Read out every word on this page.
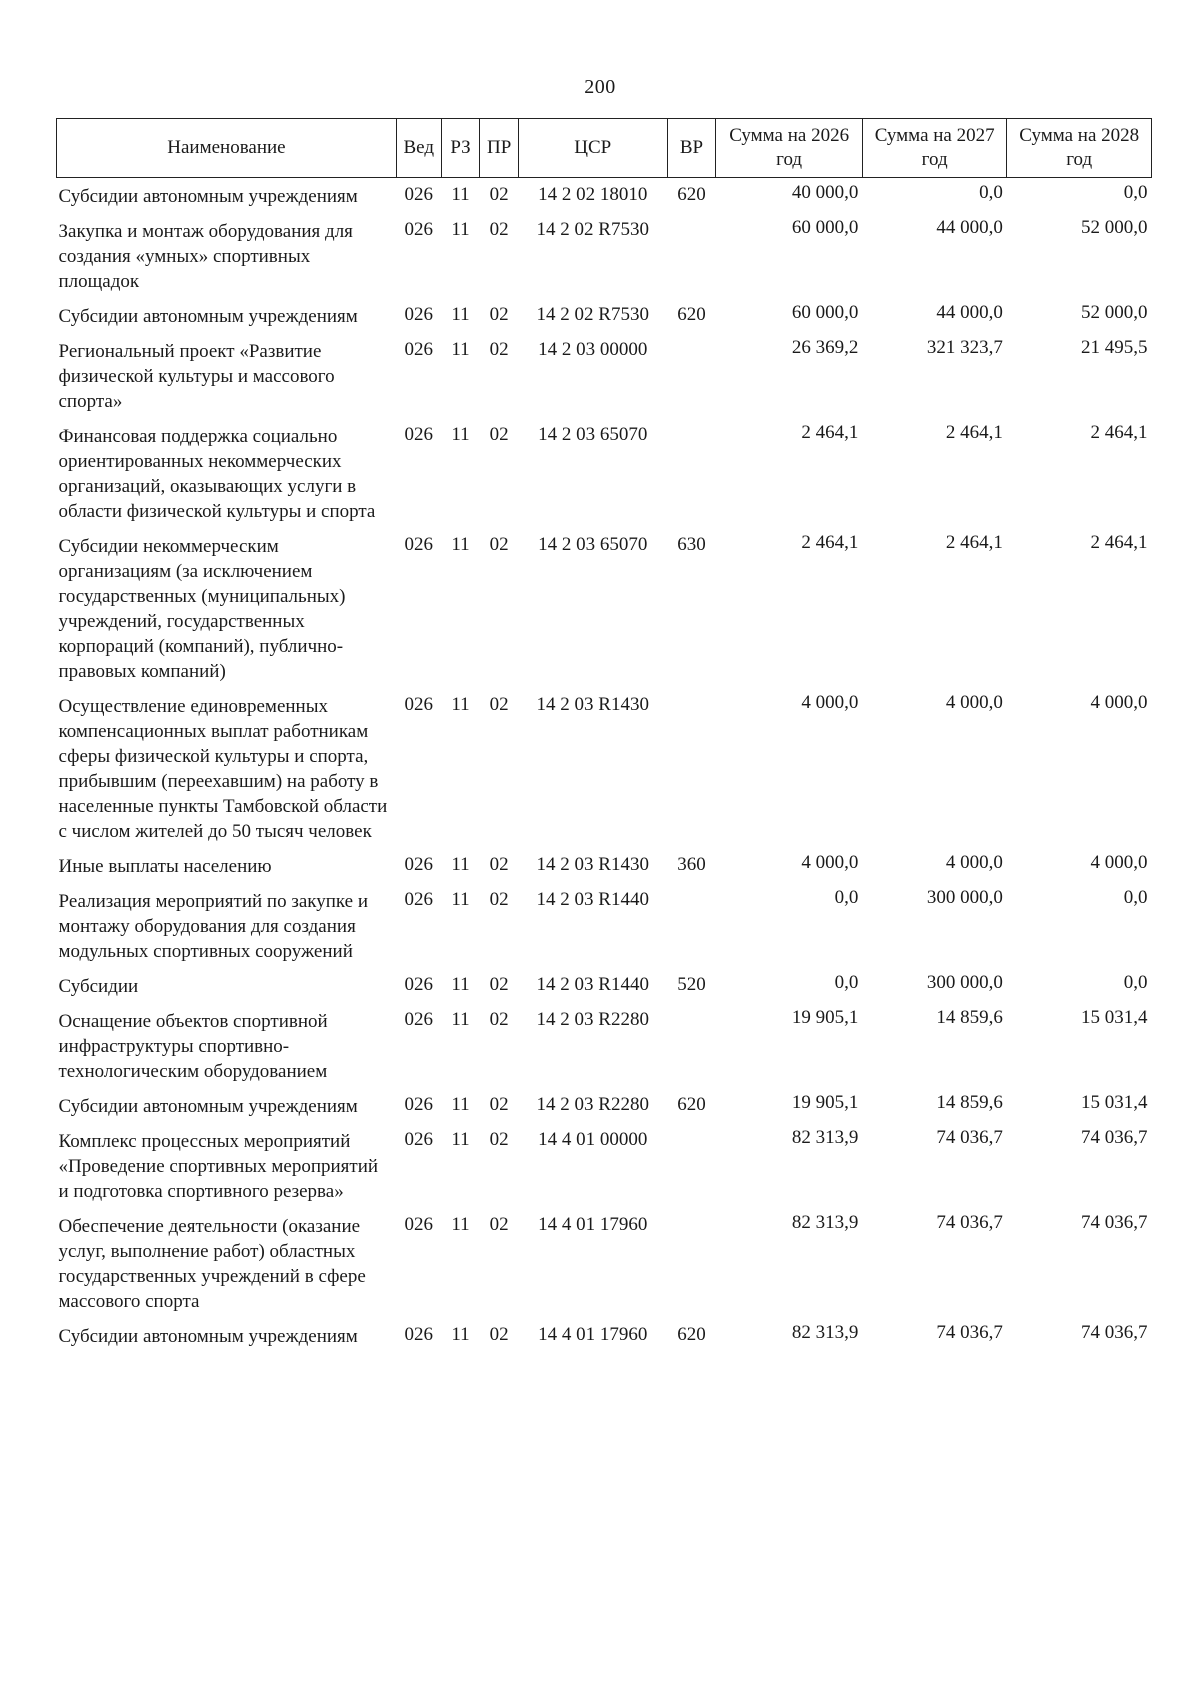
200
Наименование	Вед	РЗ	ПР	ЦСР	ВР	Сумма на 2026 год	Сумма на 2027 год	Сумма на 2028 год
Субсидии автономным учреждениям	026	11	02	14 2 02 18010	620	40 000,0	0,0	0,0
Закупка и монтаж оборудования для создания «умных» спортивных площадок	026	11	02	14 2 02 R7530		60 000,0	44 000,0	52 000,0
Субсидии автономным учреждениям	026	11	02	14 2 02 R7530	620	60 000,0	44 000,0	52 000,0
Региональный проект «Развитие физической культуры и массового спорта»	026	11	02	14 2 03 00000		26 369,2	321 323,7	21 495,5
Финансовая поддержка социально ориентированных некоммерческих организаций, оказывающих услуги в области физической культуры и спорта	026	11	02	14 2 03 65070		2 464,1	2 464,1	2 464,1
Субсидии некоммерческим организациям (за исключением государственных (муниципальных) учреждений, государственных корпораций (компаний), публично-правовых компаний)	026	11	02	14 2 03 65070	630	2 464,1	2 464,1	2 464,1
Осуществление единовременных компенсационных выплат работникам сферы физической культуры и спорта, прибывшим (переехавшим) на работу в населенные пункты Тамбовской области с числом жителей до 50 тысяч человек	026	11	02	14 2 03 R1430		4 000,0	4 000,0	4 000,0
Иные выплаты населению	026	11	02	14 2 03 R1430	360	4 000,0	4 000,0	4 000,0
Реализация мероприятий по закупке и монтажу оборудования для создания модульных спортивных сооружений	026	11	02	14 2 03 R1440		0,0	300 000,0	0,0
Субсидии	026	11	02	14 2 03 R1440	520	0,0	300 000,0	0,0
Оснащение объектов спортивной инфраструктуры спортивно-технологическим оборудованием	026	11	02	14 2 03 R2280		19 905,1	14 859,6	15 031,4
Субсидии автономным учреждениям	026	11	02	14 2 03 R2280	620	19 905,1	14 859,6	15 031,4
Комплекс процессных мероприятий «Проведение спортивных мероприятий и подготовка спортивного резерва»	026	11	02	14 4 01 00000		82 313,9	74 036,7	74 036,7
Обеспечение деятельности (оказание услуг, выполнение работ) областных государственных учреждений в сфере массового спорта	026	11	02	14 4 01 17960		82 313,9	74 036,7	74 036,7
Субсидии автономным учреждениям	026	11	02	14 4 01 17960	620	82 313,9	74 036,7	74 036,7
